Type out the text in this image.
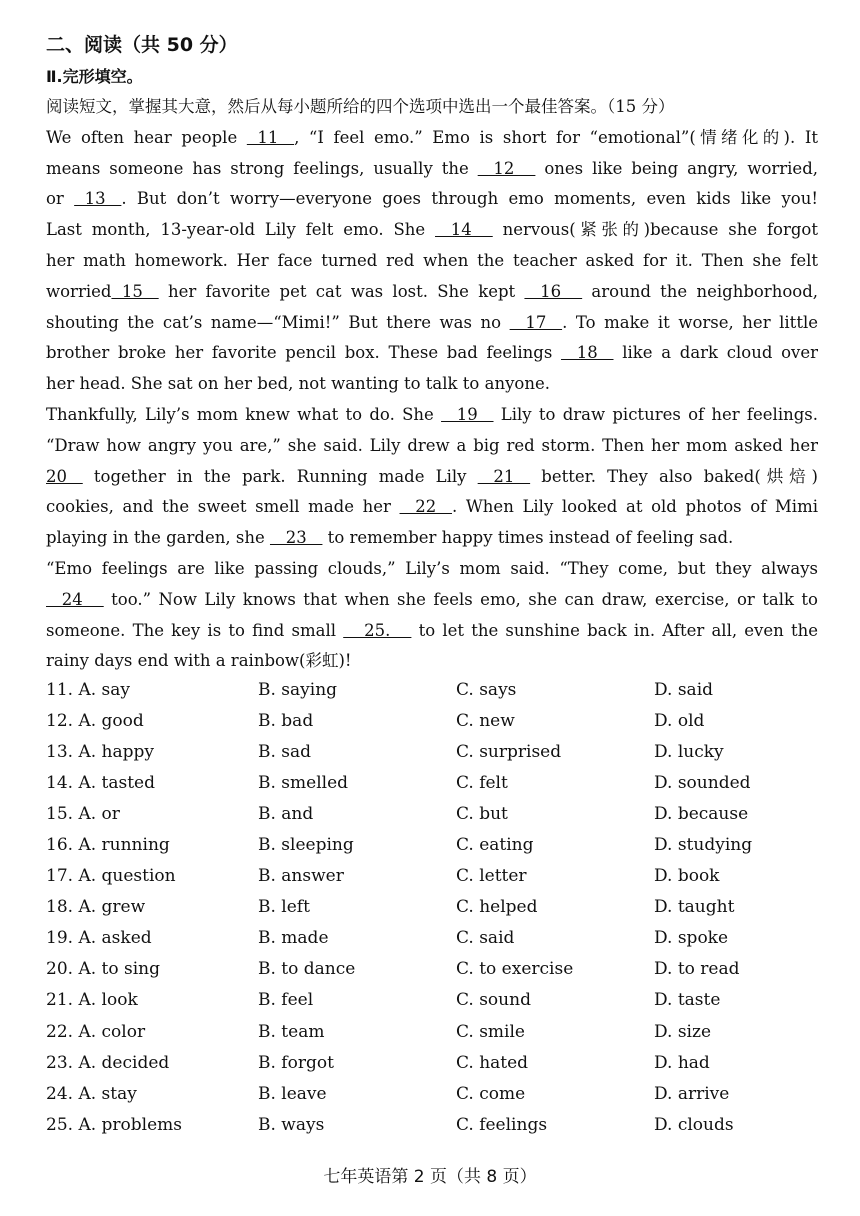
二、阅读（共 50 分）
Ⅱ.完形填空。
阅读短文，掌握其大意，然后从每小题所给的四个选项中选出一个最佳答案。（15 分）
We often hear people   11   , “I feel emo.” Emo is short for “emotional”(情绪化的). It
means someone has strong feelings, usually the    12     ones like being angry, worried,
or   13   . But don’t worry—everyone goes through emo moments, even kids like you!
Last month, 13-year-old Lily felt emo. She    14     nervous(紧张的)because she forgot
her math homework. Her face turned red when the teacher asked for it. Then she felt
worried  15    her favorite pet cat was lost. She kept    16     around the neighborhood,
shouting the cat’s name—“Mimi!” But there was no    17   . To make it worse, her little
brother broke her favorite pencil box. These bad feelings    18    like a dark cloud over
her head. She sat on her bed, not wanting to talk to anyone.
Thankfully, Lily’s mom knew what to do. She    19    Lily to draw pictures of her feelings.
“Draw how angry you are,” she said. Lily drew a big red storm. Then her mom asked her
20    together in the park. Running made Lily    21    better. They also baked(烘焙)
cookies, and the sweet smell made her    22   . When Lily looked at old photos of Mimi
playing in the garden, she    23    to remember happy times instead of feeling sad.
“Emo feelings are like passing clouds,” Lily’s mom said. “They come, but they always
24     too.” Now Lily knows that when she feels emo, she can draw, exercise, or talk to
someone. The key is to find small     25.     to let the sunshine back in. After all, even the
rainy days end with a rainbow(彩虹)!
11. A. say	B. saying	C. says	D. said
12. A. good	B. bad	C. new	D. old
13. A. happy	B. sad	C. surprised	D. lucky
14. A. tasted	B. smelled	C. felt	D. sounded
15. A. or	B. and	C. but	D. because
16. A. running	B. sleeping	C. eating	D. studying
17. A. question	B. answer	C. letter	D. book
18. A. grew	B. left	C. helped	D. taught
19. A. asked	B. made	C. said	D. spoke
20. A. to sing	B. to dance	C. to exercise	D. to read
21. A. look	B. feel	C. sound	D. taste
22. A. color	B. team	C. smile	D. size
23. A. decided	B. forgot	C. hated	D. had
24. A. stay	B. leave	C. come	D. arrive
25. A. problems	B. ways	C. feelings	D. clouds
七年英语第 2 页（共 8 页）
